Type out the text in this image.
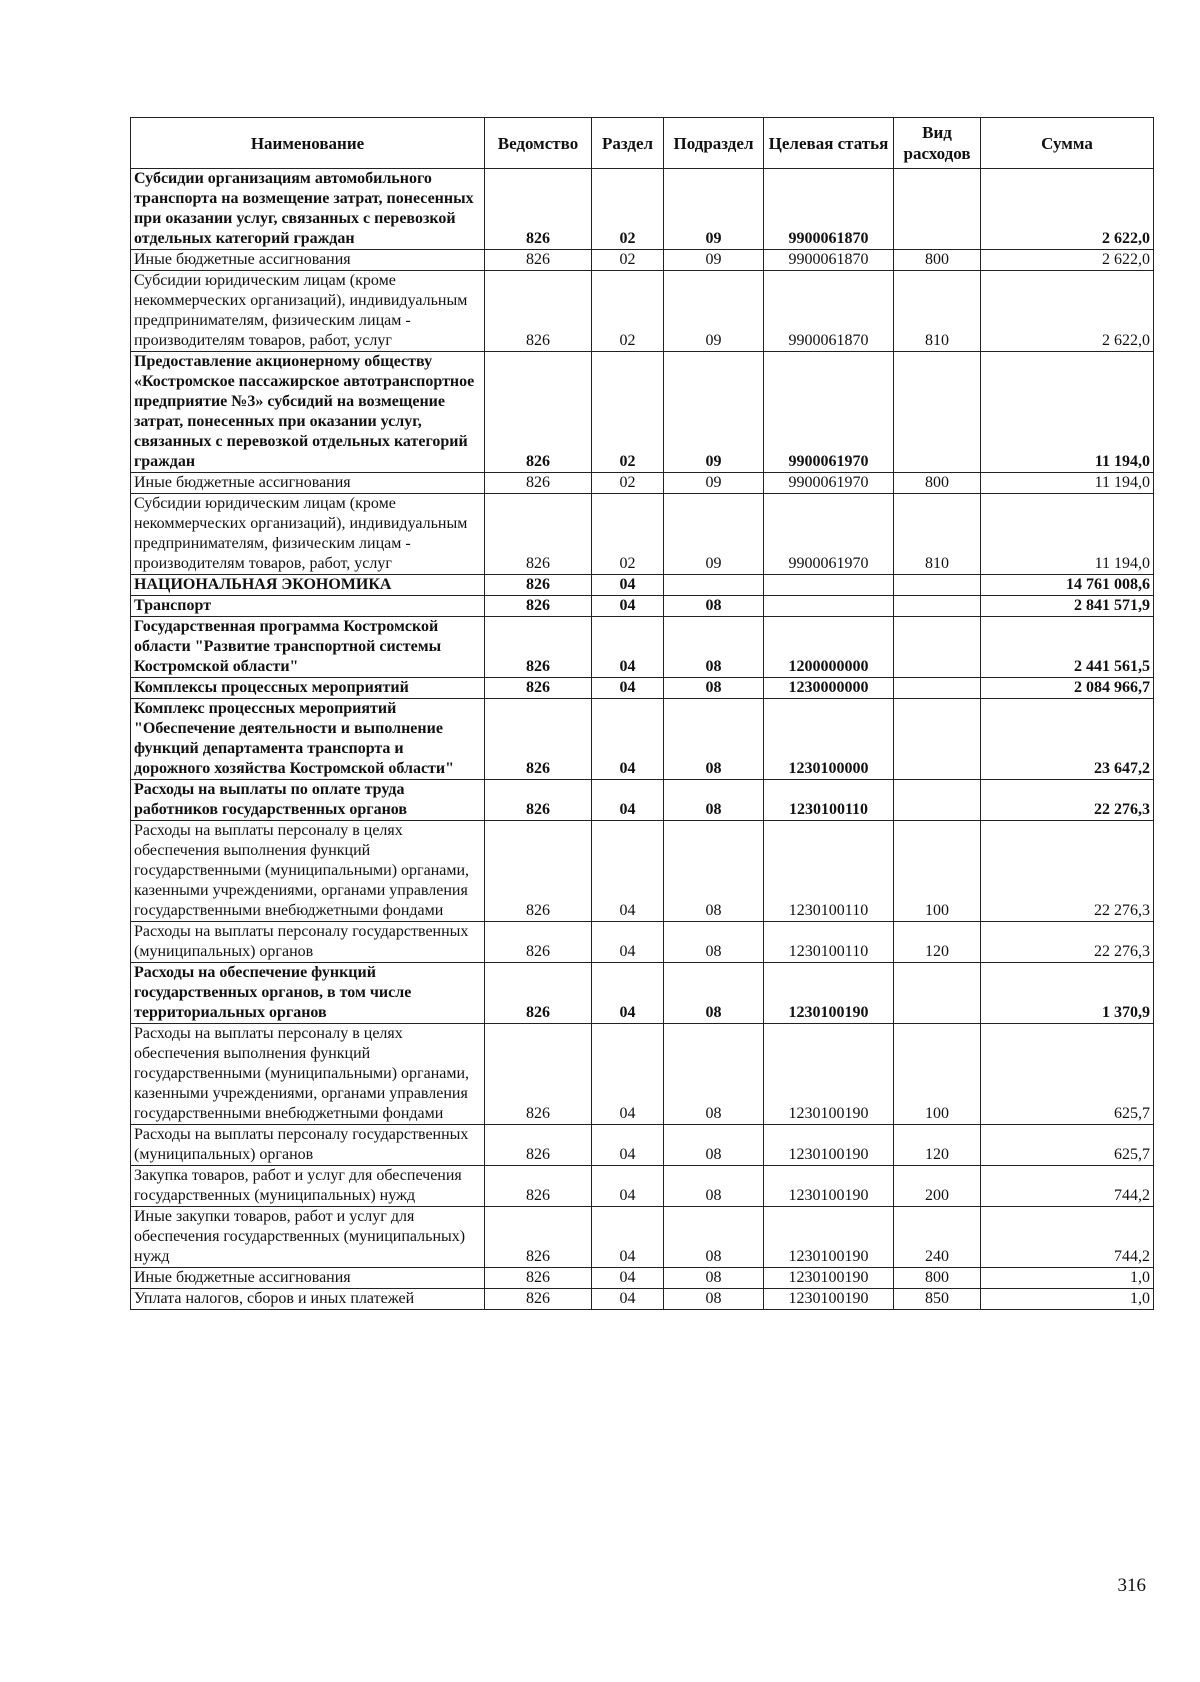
Наименование	Ведомство	Раздел	Подраздел	Целевая статья	Вид расходов	Сумма
Субсидии организациям автомобильного транспорта на возмещение затрат, понесенных при оказании услуг, связанных с перевозкой отдельных категорий граждан	826	02	09	9900061870		2 622,0
Иные бюджетные ассигнования	826	02	09	9900061870	800	2 622,0
Субсидии юридическим лицам (кроме некоммерческих организаций), индивидуальным предпринимателям, физическим лицам - производителям товаров, работ, услуг	826	02	09	9900061870	810	2 622,0
Предоставление акционерному обществу «Костромское пассажирское автотранспортное предприятие №3» субсидий на возмещение затрат, понесенных при оказании услуг, связанных с перевозкой отдельных категорий граждан	826	02	09	9900061970		11 194,0
Иные бюджетные ассигнования	826	02	09	9900061970	800	11 194,0
Субсидии юридическим лицам (кроме некоммерческих организаций), индивидуальным предпринимателям, физическим лицам - производителям товаров, работ, услуг	826	02	09	9900061970	810	11 194,0
НАЦИОНАЛЬНАЯ ЭКОНОМИКА	826	04				14 761 008,6
Транспорт	826	04	08			2 841 571,9
Государственная программа Костромской области "Развитие транспортной системы Костромской области"	826	04	08	1200000000		2 441 561,5
Комплексы процессных мероприятий	826	04	08	1230000000		2 084 966,7
Комплекс процессных мероприятий "Обеспечение деятельности и выполнение функций департамента транспорта и дорожного хозяйства Костромской области"	826	04	08	1230100000		23 647,2
Расходы на выплаты по оплате труда работников государственных органов	826	04	08	1230100110		22 276,3
Расходы на выплаты персоналу в целях обеспечения выполнения функций государственными (муниципальными) органами, казенными учреждениями, органами управления государственными внебюджетными фондами	826	04	08	1230100110	100	22 276,3
Расходы на выплаты персоналу государственных (муниципальных) органов	826	04	08	1230100110	120	22 276,3
Расходы на обеспечение функций государственных органов, в том числе территориальных органов	826	04	08	1230100190		1 370,9
Расходы на выплаты персоналу в целях обеспечения выполнения функций государственными (муниципальными) органами, казенными учреждениями, органами управления государственными внебюджетными фондами	826	04	08	1230100190	100	625,7
Расходы на выплаты персоналу государственных (муниципальных) органов	826	04	08	1230100190	120	625,7
Закупка товаров, работ и услуг для обеспечения государственных (муниципальных) нужд	826	04	08	1230100190	200	744,2
Иные закупки товаров, работ и услуг для обеспечения государственных (муниципальных) нужд	826	04	08	1230100190	240	744,2
Иные бюджетные ассигнования	826	04	08	1230100190	800	1,0
Уплата налогов, сборов и иных платежей	826	04	08	1230100190	850	1,0
316
